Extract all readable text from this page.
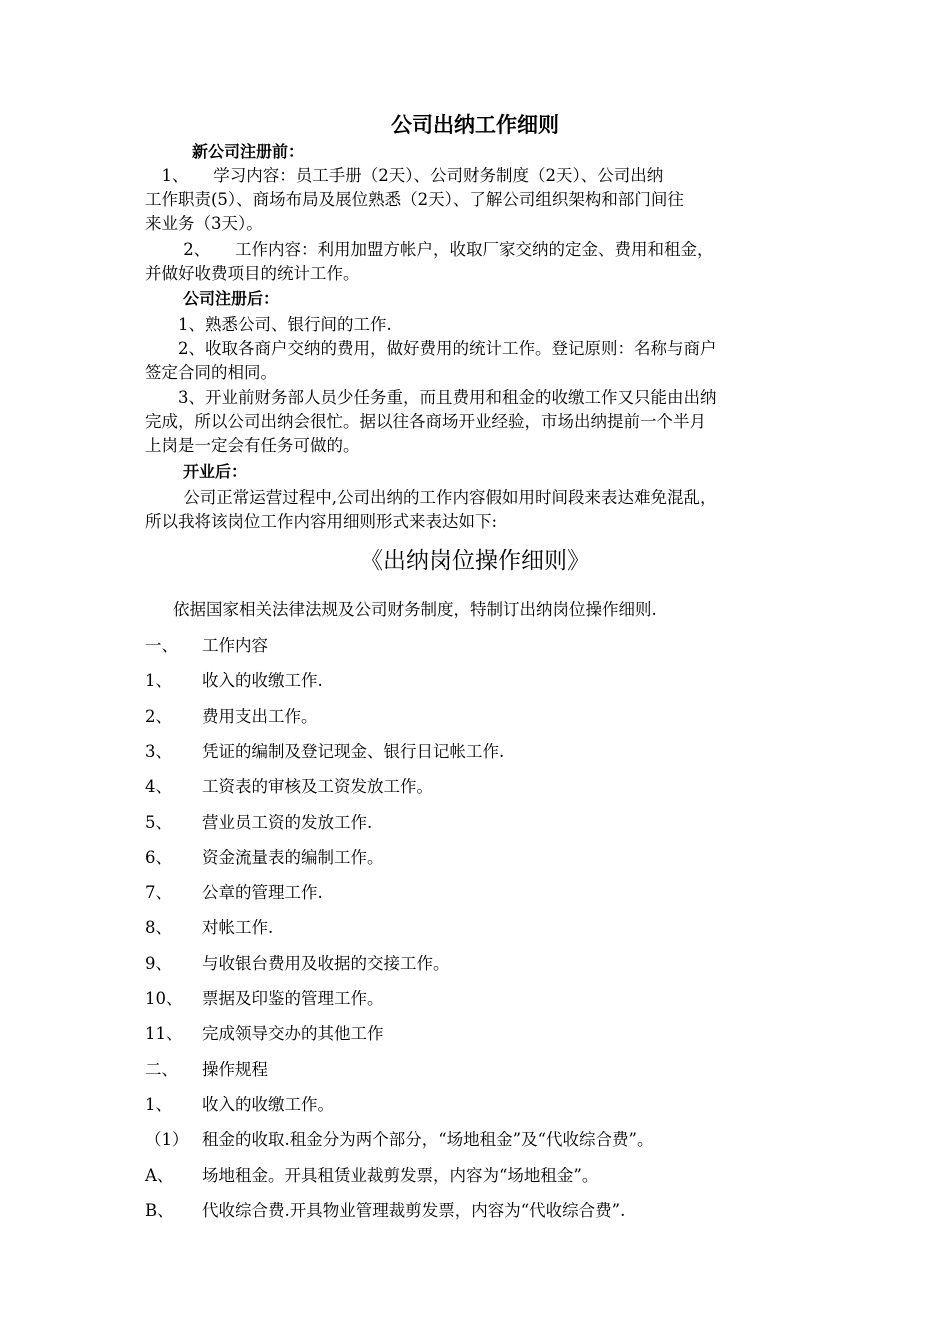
公司出纳工作细则
新公司注册前：
　1、　　学习内容：员工手册（2天）、公司财务制度（2天）、公司出纳
工作职责(5）、商场布局及展位熟悉（2天）、了解公司组织架构和部门间往
来业务（3天）。
　　 2、　　工作内容：利用加盟方帐户，收取厂家交纳的定金、费用和租金，
并做好收费项目的统计工作。
公司注册后：
　　1、熟悉公司、银行间的工作.
　　2、收取各商户交纳的费用，做好费用的统计工作。登记原则：名称与商户
签定合同的相同。
　　3、开业前财务部人员少任务重，而且费用和租金的收缴工作又只能由出纳
完成，所以公司出纳会很忙。据以往各商场开业经验，市场出纳提前一个半月
上岗是一定会有任务可做的。
开业后：
　　 公司正常运营过程中,公司出纳的工作内容假如用时间段来表达难免混乱，
所以我将该岗位工作内容用细则形式来表达如下:
《出纳岗位操作细则》
依据国家相关法律法规及公司财务制度，特制订出纳岗位操作细则.
一、 工作内容
1、 收入的收缴工作.
2、 费用支出工作。
3、 凭证的编制及登记现金、银行日记帐工作.
4、 工资表的审核及工资发放工作。
5、 营业员工资的发放工作.
6、 资金流量表的编制工作。
7、 公章的管理工作.
8、 对帐工作.
9、 与收银台费用及收据的交接工作。
10、 票据及印鉴的管理工作。
11、 完成领导交办的其他工作
二、 操作规程
1、 收入的收缴工作。
（1） 租金的收取.租金分为两个部分，“场地租金”及“代收综合费”。
A、 场地租金。开具租赁业裁剪发票，内容为“场地租金”。
B、 代收综合费.开具物业管理裁剪发票，内容为“代收综合费”.
